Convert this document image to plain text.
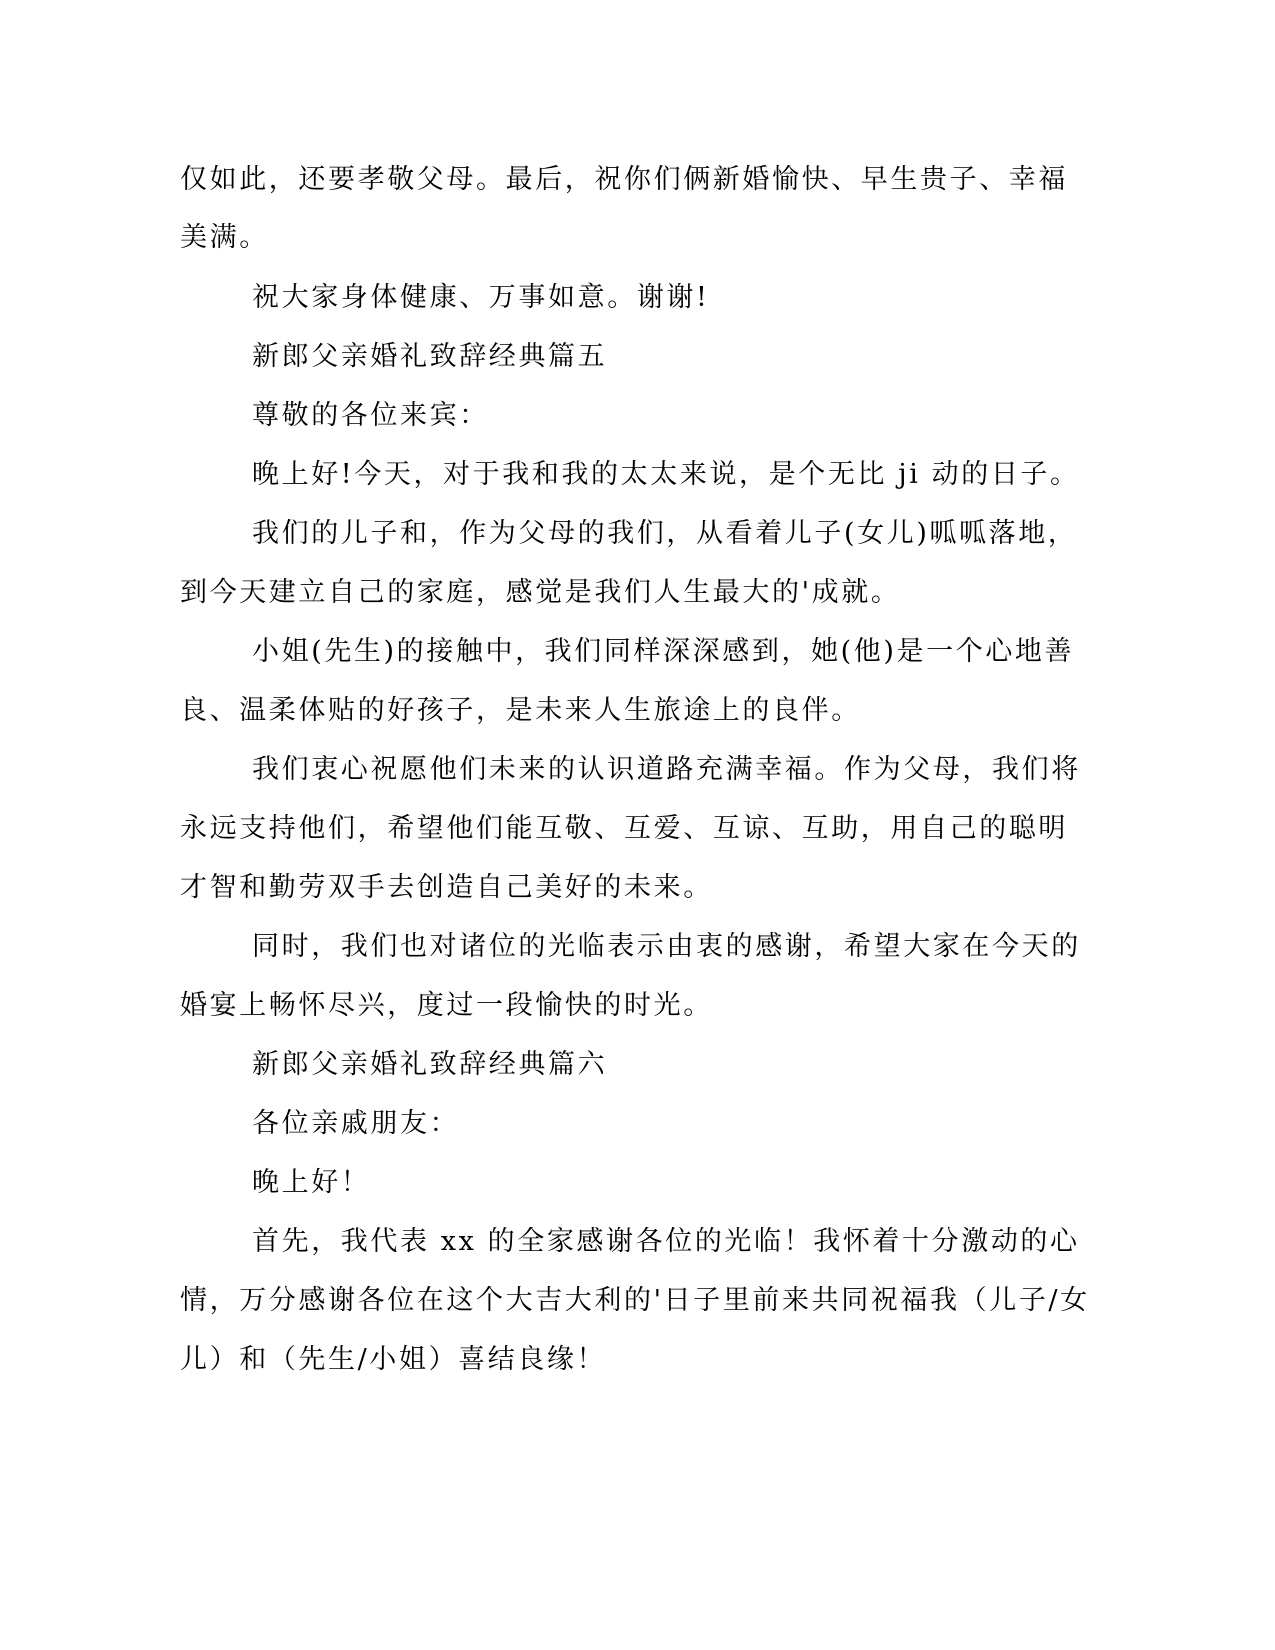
仅如此，还要孝敬父母。最后，祝你们俩新婚愉快、早生贵子、幸福
美满。
祝大家身体健康、万事如意。谢谢!
新郎父亲婚礼致辞经典篇五
尊敬的各位来宾：
晚上好!今天，对于我和我的太太来说，是个无比 ji 动的日子。
我们的儿子和，作为父母的我们，从看着儿子(女儿)呱呱落地，
到今天建立自己的家庭，感觉是我们人生最大的'成就。
小姐(先生)的接触中，我们同样深深感到，她(他)是一个心地善
良、温柔体贴的好孩子，是未来人生旅途上的良伴。
我们衷心祝愿他们未来的认识道路充满幸福。作为父母，我们将
永远支持他们，希望他们能互敬、互爱、互谅、互助，用自己的聪明
才智和勤劳双手去创造自己美好的未来。
同时，我们也对诸位的光临表示由衷的感谢，希望大家在今天的
婚宴上畅怀尽兴，度过一段愉快的时光。
新郎父亲婚礼致辞经典篇六
各位亲戚朋友：
晚上好！
首先，我代表 xx 的全家感谢各位的光临！我怀着十分激动的心
情，万分感谢各位在这个大吉大利的'日子里前来共同祝福我（儿子/女
儿）和（先生/小姐）喜结良缘！
